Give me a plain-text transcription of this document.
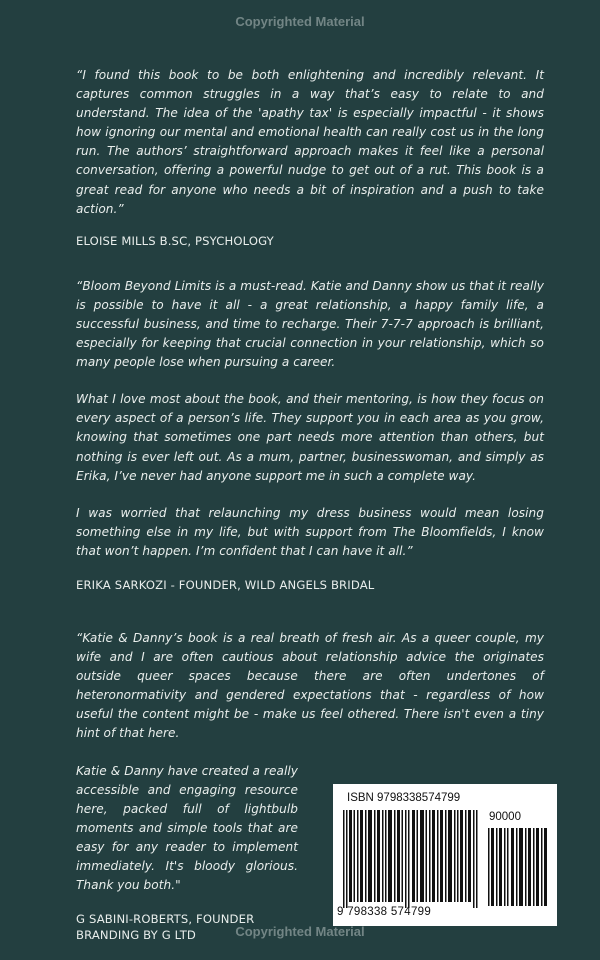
Copyrighted Material

“I found this book to be both enlightening and incredibly relevant. It captures common struggles in a way that’s easy to relate to and understand. The idea of the 'apathy tax' is especially impactful - it shows how ignoring our mental and emotional health can really cost us in the long run. The authors’ straightforward approach makes it feel like a personal conversation, offering a powerful nudge to get out of a rut. This book is a great read for anyone who needs a bit of inspiration and a push to take action.”

ELOISE MILLS B.SC, PSYCHOLOGY

“Bloom Beyond Limits is a must-read. Katie and Danny show us that it really is possible to have it all - a great relationship, a happy family life, a successful business, and time to recharge. Their 7-7-7 approach is brilliant, especially for keeping that crucial connection in your relationship, which so many people lose when pursuing a career.

What I love most about the book, and their mentoring, is how they focus on every aspect of a person’s life. They support you in each area as you grow, knowing that sometimes one part needs more attention than others, but nothing is ever left out. As a mum, partner, businesswoman, and simply as Erika, I’ve never had anyone support me in such a complete way.

I was worried that relaunching my dress business would mean losing something else in my life, but with support from The Bloomfields, I know that won’t happen. I’m confident that I can have it all.”

ERIKA SARKOZI - FOUNDER, WILD ANGELS BRIDAL

“Katie & Danny’s book is a real breath of fresh air. As a queer couple, my wife and I are often cautious about relationship advice the originates outside queer spaces because there are often undertones of heteronormativity and gendered expectations that - regardless of how useful the content might be - make us feel othered. There isn't even a tiny hint of that here.

Katie & Danny have created a really accessible and engaging resource here, packed full of lightbulb moments and simple tools that are easy for any reader to implement immediately. It's bloody glorious. Thank you both."

G SABINI-ROBERTS, FOUNDER

BRANDING BY G LTD

ISBN 9798338574799
90000
9 798338 574799
Copyrighted Material
